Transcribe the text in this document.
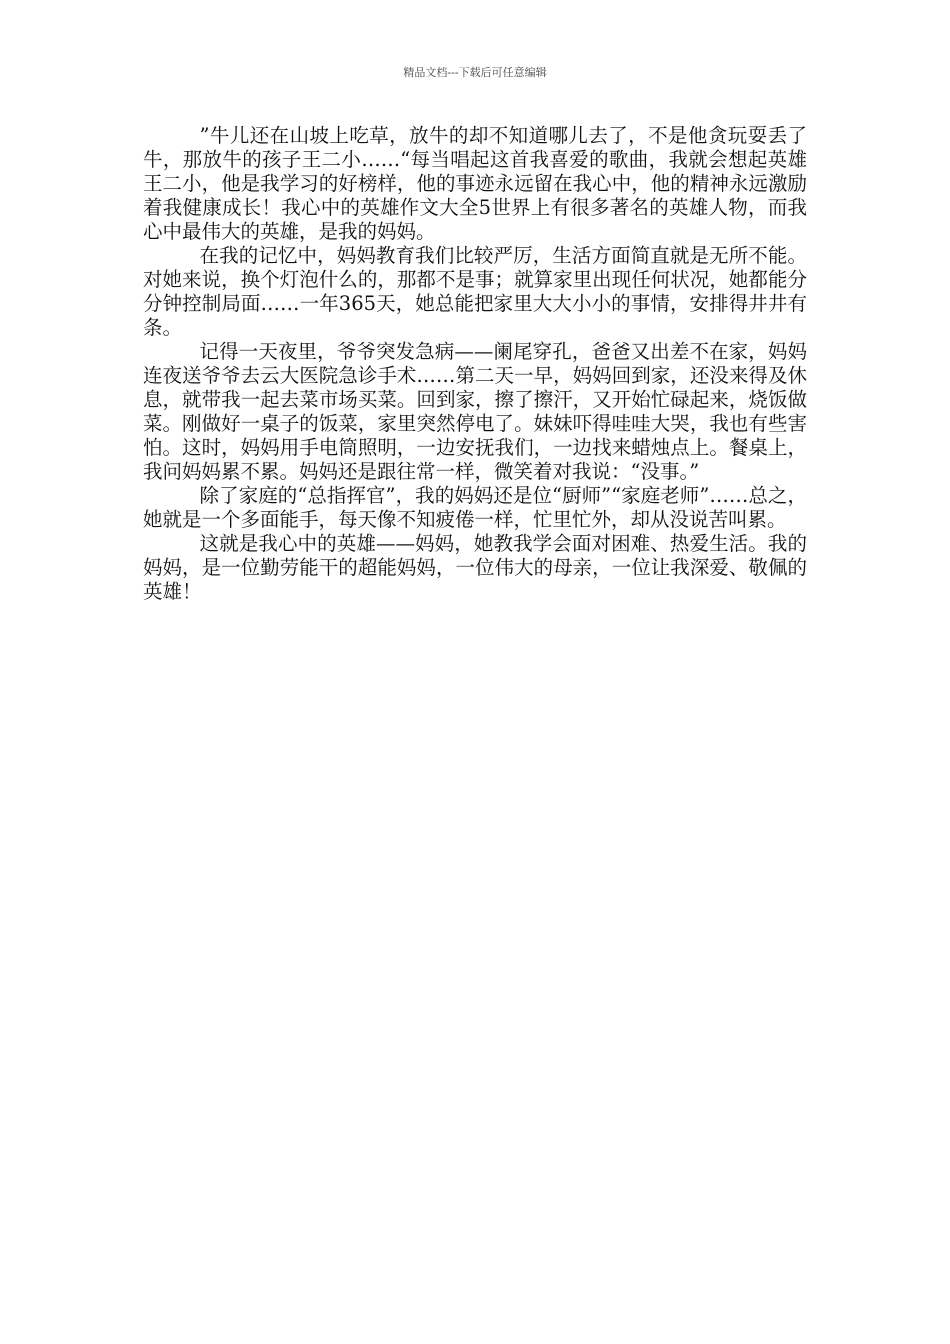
精品文档---下载后可任意编辑

”牛儿还在山坡上吃草，放牛的却不知道哪儿去了，不是他贪玩耍丢了牛，那放牛的孩子王二小……“每当唱起这首我喜爱的歌曲，我就会想起英雄王二小，他是我学习的好榜样，他的事迹永远留在我心中，他的精神永远激励着我健康成长！我心中的英雄作文大全5世界上有很多著名的英雄人物，而我心中最伟大的英雄，是我的妈妈。

在我的记忆中，妈妈教育我们比较严厉，生活方面简直就是无所不能。对她来说，换个灯泡什么的，那都不是事；就算家里出现任何状况，她都能分分钟控制局面……一年365天，她总能把家里大大小小的事情，安排得井井有条。

记得一天夜里，爷爷突发急病——阑尾穿孔，爸爸又出差不在家，妈妈连夜送爷爷去云大医院急诊手术……第二天一早，妈妈回到家，还没来得及休息，就带我一起去菜市场买菜。回到家，擦了擦汗，又开始忙碌起来，烧饭做菜。刚做好一桌子的饭菜，家里突然停电了。妹妹吓得哇哇大哭，我也有些害怕。这时，妈妈用手电筒照明，一边安抚我们，一边找来蜡烛点上。餐桌上，我问妈妈累不累。妈妈还是跟往常一样，微笑着对我说：“没事。”

除了家庭的“总指挥官”，我的妈妈还是位“厨师”“家庭老师”……总之，她就是一个多面能手，每天像不知疲倦一样，忙里忙外，却从没说苦叫累。

这就是我心中的英雄——妈妈，她教我学会面对困难、热爱生活。我的妈妈，是一位勤劳能干的超能妈妈，一位伟大的母亲，一位让我深爱、敬佩的英雄！
